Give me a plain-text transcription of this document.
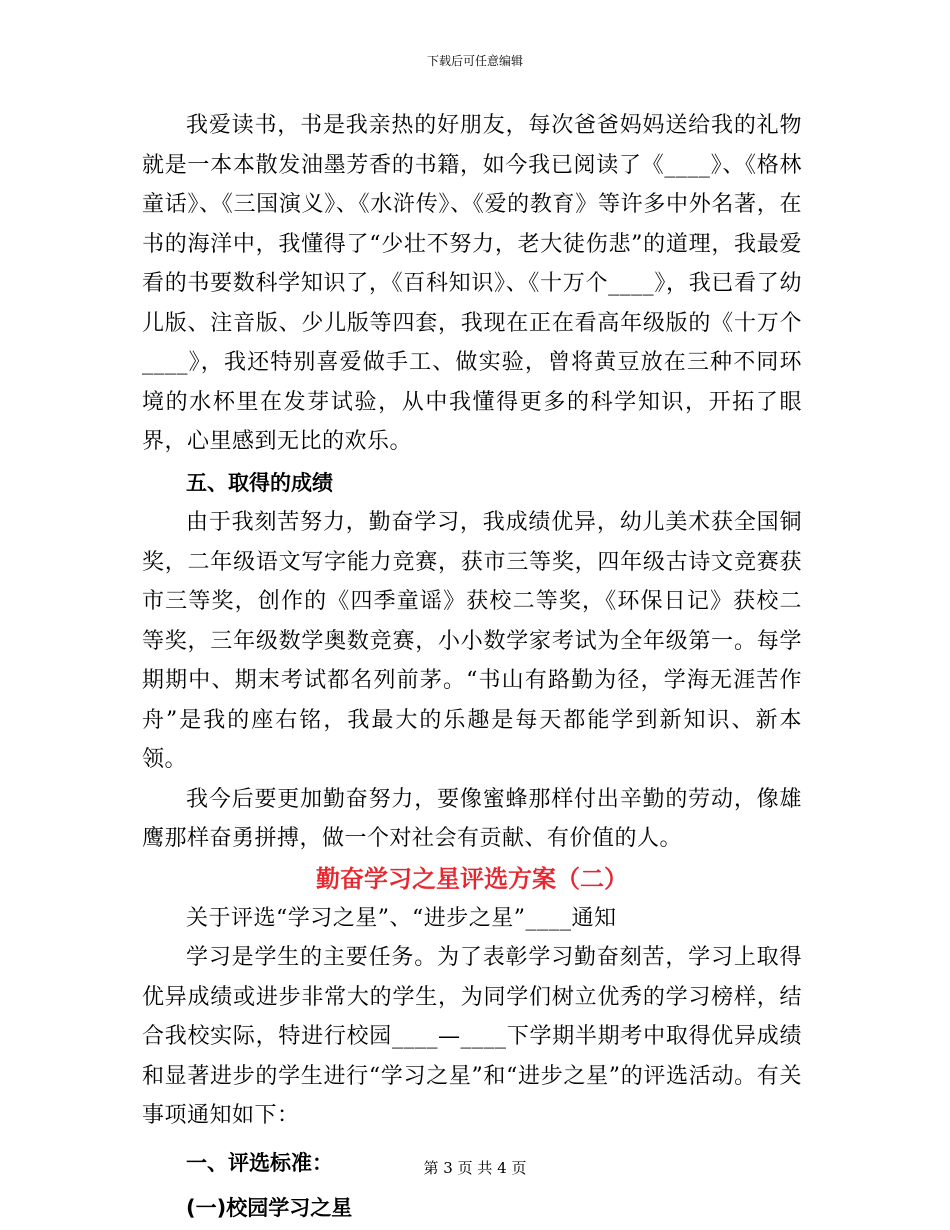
下载后可任意编辑

我爱读书，书是我亲热的好朋友，每次爸爸妈妈送给我的礼物就是一本本散发油墨芳香的书籍，如今我已阅读了《____》、《格林童话》、《三国演义》、《水浒传》、《爱的教育》等许多中外名著，在书的海洋中，我懂得了“少壮不努力，老大徒伤悲”的道理，我最爱看的书要数科学知识了，《百科知识》、《十万个____》，我已看了幼儿版、注音版、少儿版等四套，我现在正在看高年级版的《十万个____》，我还特别喜爱做手工、做实验，曾将黄豆放在三种不同环境的水杯里在发芽试验，从中我懂得更多的科学知识，开拓了眼界，心里感到无比的欢乐。

五、取得的成绩

由于我刻苦努力，勤奋学习，我成绩优异，幼儿美术获全国铜奖，二年级语文写字能力竞赛，获市三等奖，四年级古诗文竞赛获市三等奖，创作的《四季童谣》获校二等奖，《环保日记》获校二等奖，三年级数学奥数竞赛，小小数学家考试为全年级第一。每学期期中、期末考试都名列前茅。“书山有路勤为径，学海无涯苦作舟”是我的座右铭，我最大的乐趣是每天都能学到新知识、新本领。

我今后要更加勤奋努力，要像蜜蜂那样付出辛勤的劳动，像雄鹰那样奋勇拼搏，做一个对社会有贡献、有价值的人。

勤奋学习之星评选方案（二）

关于评选“学习之星”、“进步之星”____通知

学习是学生的主要任务。为了表彰学习勤奋刻苦，学习上取得优异成绩或进步非常大的学生，为同学们树立优秀的学习榜样，结合我校实际，特进行校园____—____下学期半期考中取得优异成绩和显著进步的学生进行“学习之星”和“进步之星”的评选活动。有关事项通知如下：

一、评选标准：

(一)校园学习之星

第 3 页 共 4 页
